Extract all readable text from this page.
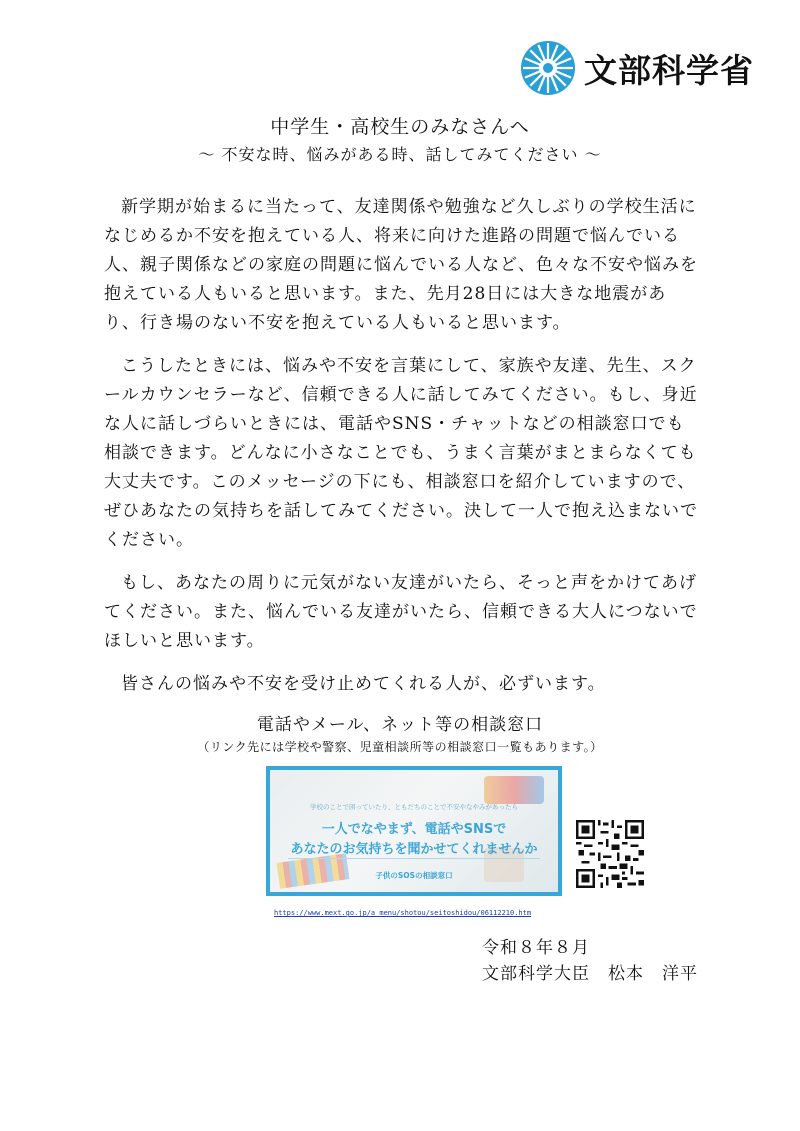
文部科学省
中学生・高校生のみなさんへ
～ 不安な時、悩みがある時、話してみてください ～

新学期が始まるに当たって、友達関係や勉強など久しぶりの学校生活になじめるか不安を抱えている人、将来に向けた進路の問題で悩んでいる人、親子関係などの家庭の問題に悩んでいる人など、色々な不安や悩みを抱えている人もいると思います。また、先月28日には大きな地震があり、行き場のない不安を抱えている人もいると思います。

こうしたときには、悩みや不安を言葉にして、家族や友達、先生、スクールカウンセラーなど、信頼できる人に話してみてください。もし、身近な人に話しづらいときには、電話やSNS・チャットなどの相談窓口でも相談できます。どんなに小さなことでも、うまく言葉がまとまらなくても大丈夫です。このメッセージの下にも、相談窓口を紹介していますので、ぜひあなたの気持ちを話してみてください。決して一人で抱え込まないでください。

もし、あなたの周りに元気がない友達がいたら、そっと声をかけてあげてください。また、悩んでいる友達がいたら、信頼できる大人につないでほしいと思います。

皆さんの悩みや不安を受け止めてくれる人が、必ずいます。

電話やメール、ネット等の相談窓口
（リンク先には学校や警察、児童相談所等の相談窓口一覧もあります。）
学校のことで困っていたり、ともだちのことで不安やなやみがあったら
一人でなやまず、電話やSNSで
あなたのお気持ちを聞かせてくれませんか
子供のSOSの相談窓口
https://www.mext.go.jp/a_menu/shotou/seitoshidou/06112210.htm
令和８年８月
文部科学大臣　松本　洋平
